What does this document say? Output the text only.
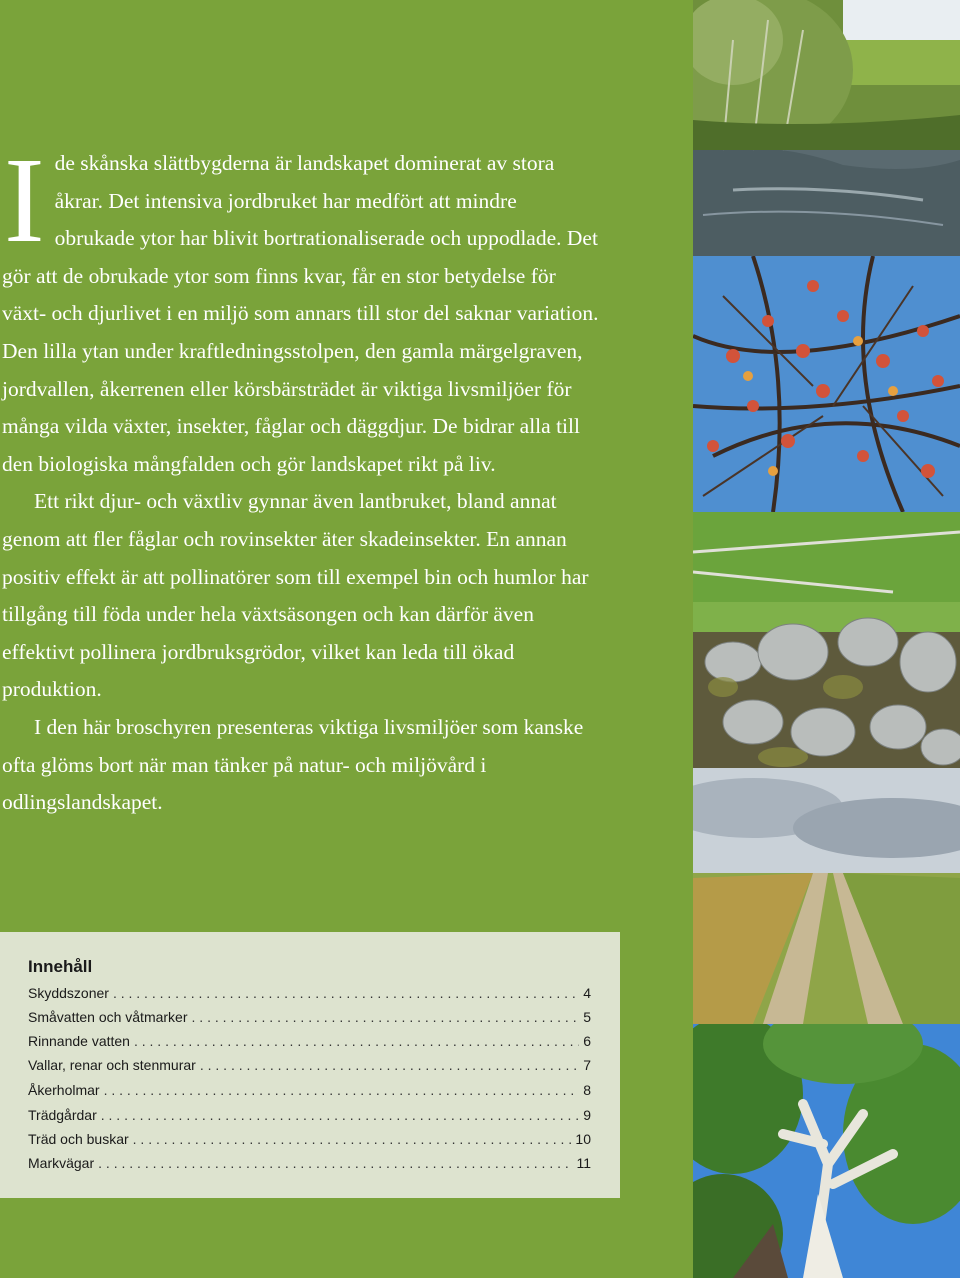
Ide skånska slättbygderna är landskapet dominerat av stora åkrar. Det intensiva jordbruket har medfört att mindre obrukade ytor har blivit bortrationaliserade och uppodlade. Det gör att de obrukade ytor som finns kvar, får en stor betydelse för växt- och djurlivet i en miljö som annars till stor del saknar variation. Den lilla ytan under kraftledningsstolpen, den gamla märgelgraven, jordvallen, åkerrenen eller körsbärsträdet är viktiga livsmiljöer för många vilda växter, insekter, fåglar och däggdjur. De bidrar alla till den biologiska mångfalden och gör landskapet rikt på liv.

Ett rikt djur- och växtliv gynnar även lantbruket, bland annat genom att fler fåglar och rovinsekter äter skadeinsekter. En annan positiv effekt är att pollinatörer som till exempel bin och humlor har tillgång till föda under hela växtsäsongen och kan därför även effektivt pollinera jordbruksgrödor, vilket kan leda till ökad produktion.

I den här broschyren presenteras viktiga livsmiljöer som kanske ofta glöms bort när man tänker på natur- och miljövård i odlingslandskapet.

Innehåll
Skyddszoner . . .	4
Småvatten och våtmarker . . .	5
Rinnande vatten . . .	6
Vallar, renar och stenmurar . . .	7
Åkerholmar . . .	8
Trädgårdar . . .	9
Träd och buskar . . .	10
Markvägar . . .	11
